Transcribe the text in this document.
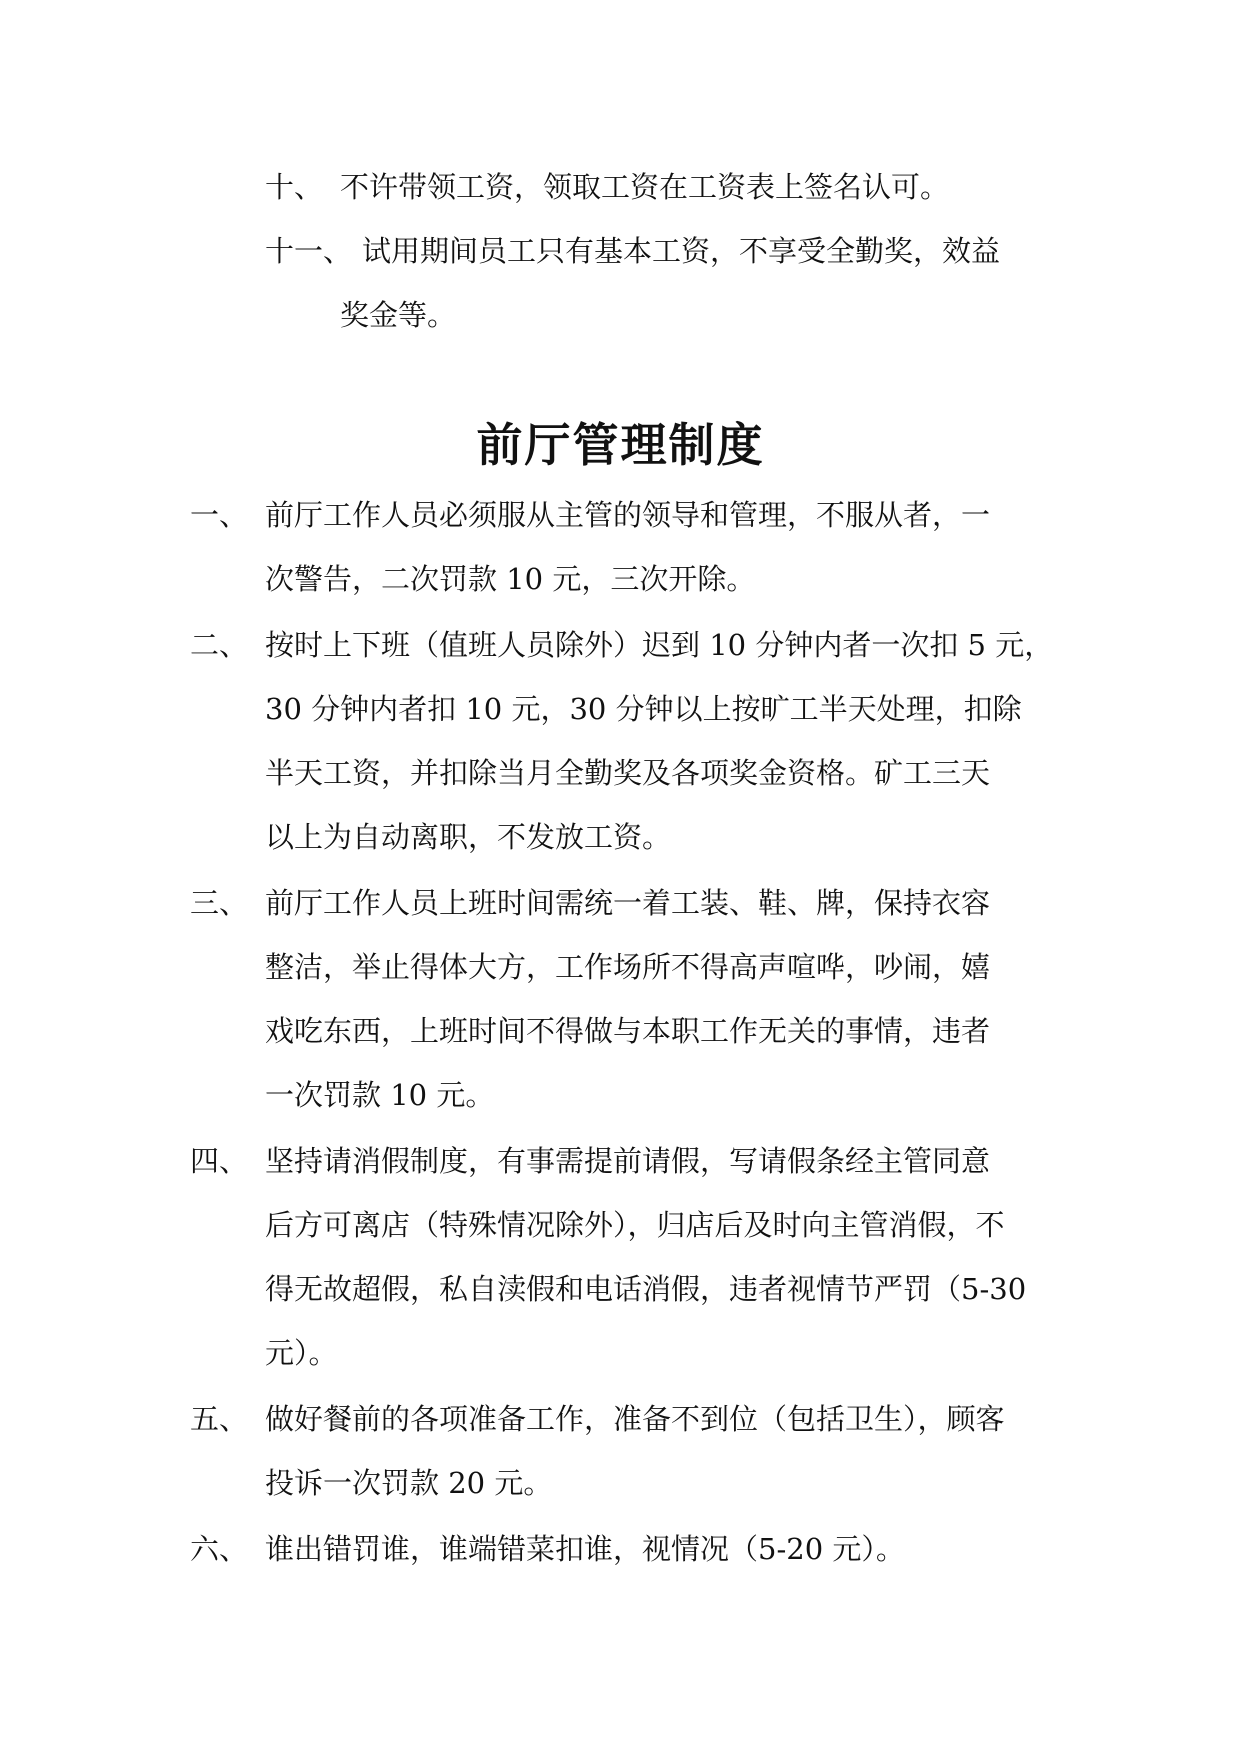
十、 不许带领工资，领取工资在工资表上签名认可。
十一、 试用期间员工只有基本工资，不享受全勤奖，效益
奖金等。
前厅管理制度
一、 前厅工作人员必须服从主管的领导和管理，不服从者，一
次警告，二次罚款 10 元，三次开除。
二、 按时上下班（值班人员除外）迟到 10 分钟内者一次扣 5 元，
30 分钟内者扣 10 元，30 分钟以上按旷工半天处理，扣除
半天工资，并扣除当月全勤奖及各项奖金资格。矿工三天
以上为自动离职，不发放工资。
三、 前厅工作人员上班时间需统一着工装、鞋、牌，保持衣容
整洁，举止得体大方，工作场所不得高声喧哗，吵闹，嬉
戏吃东西，上班时间不得做与本职工作无关的事情，违者
一次罚款 10 元。
四、 坚持请消假制度，有事需提前请假，写请假条经主管同意
后方可离店（特殊情况除外），归店后及时向主管消假，不
得无故超假，私自渎假和电话消假，违者视情节严罚（5-30
元）。
五、 做好餐前的各项准备工作，准备不到位（包括卫生），顾客
投诉一次罚款 20 元。
六、 谁出错罚谁，谁端错菜扣谁，视情况（5-20 元）。
